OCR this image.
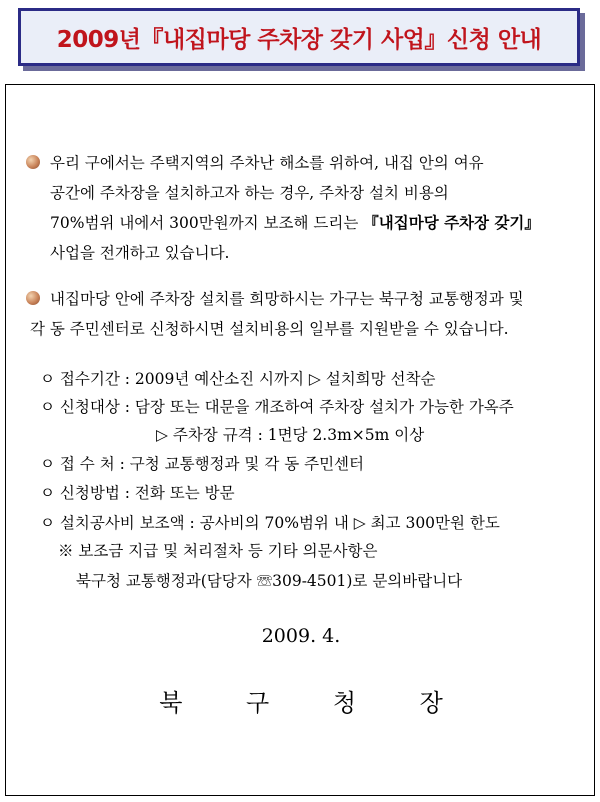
2009년『내집마당 주차장 갖기 사업』신청 안내
우리 구에서는 주택지역의 주차난 해소를 위하여, 내집 안의 여유
공간에 주차장을 설치하고자 하는 경우, 주차장 설치 비용의
70%범위 내에서 300만원까지 보조해 드리는 『내집마당 주차장 갖기』
사업을 전개하고 있습니다.
내집마당 안에 주차장 설치를 희망하시는 가구는 북구청 교통행정과 및
각 동 주민센터로 신청하시면 설치비용의 일부를 지원받을 수 있습니다.
ㅇ 접수기간 : 2009년 예산소진 시까지 ▷ 설치희망 선착순
ㅇ 신청대상 : 담장 또는 대문을 개조하여 주차장 설치가 가능한 가옥주
▷ 주차장 규격 : 1면당 2.3m×5m 이상
ㅇ 접 수 처 : 구청 교통행정과 및 각 동 주민센터
ㅇ 신청방법 : 전화 또는 방문
ㅇ 설치공사비 보조액 : 공사비의 70%범위 내 ▷ 최고 300만원 한도
※ 보조금 지급 및 처리절차 등 기타 의문사항은
북구청 교통행정과(담당자 ☏309-4501)로 문의바랍니다
2009. 4.
북 구 청 장
